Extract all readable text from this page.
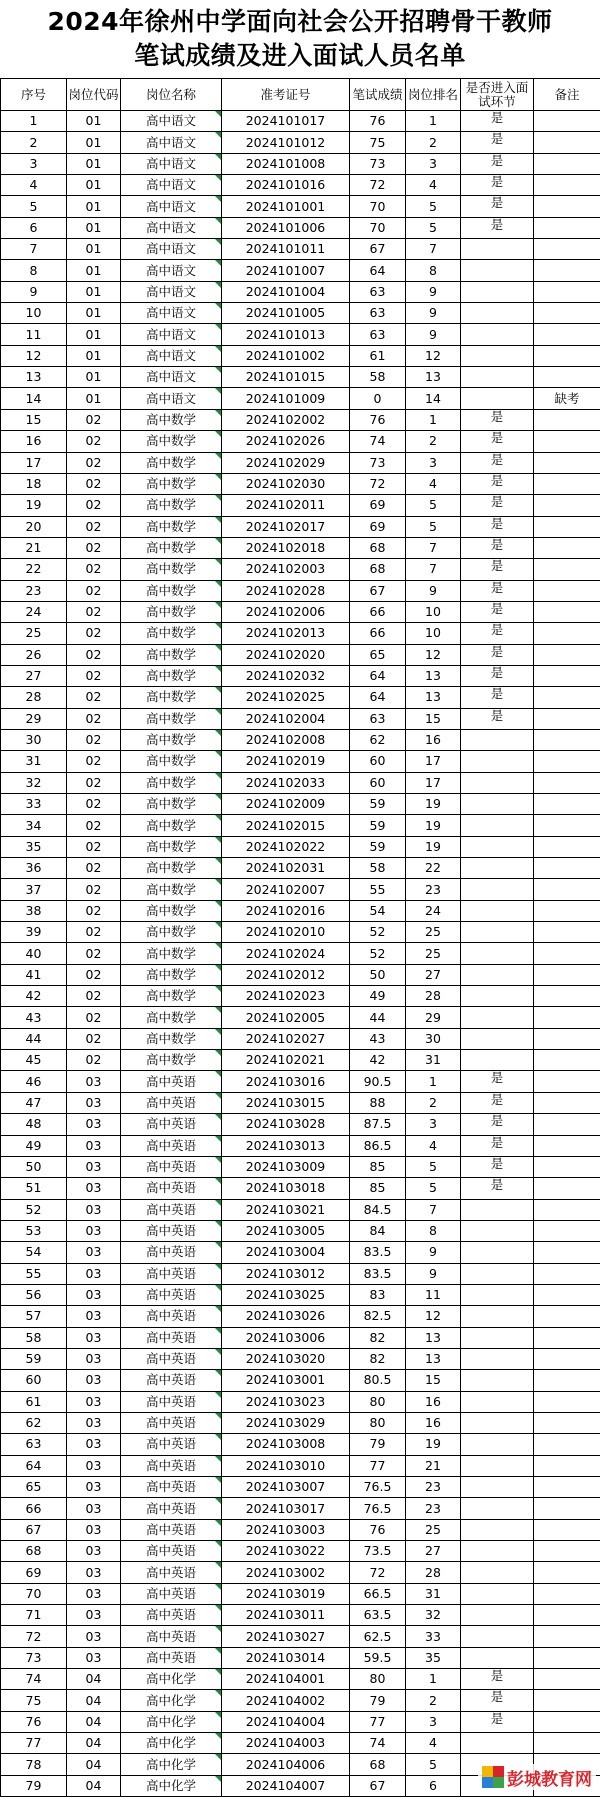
2024年徐州中学面向社会公开招聘骨干教师
笔试成绩及进入面试人员名单
序号	岗位代码	岗位名称	准考证号	笔试成绩	岗位排名	是否进入面试环节	备注
1	01	高中语文	2024101017	76	1	是	
2	01	高中语文	2024101012	75	2	是	
3	01	高中语文	2024101008	73	3	是	
4	01	高中语文	2024101016	72	4	是	
5	01	高中语文	2024101001	70	5	是	
6	01	高中语文	2024101006	70	5	是	
7	01	高中语文	2024101011	67	7		
8	01	高中语文	2024101007	64	8		
9	01	高中语文	2024101004	63	9		
10	01	高中语文	2024101005	63	9		
11	01	高中语文	2024101013	63	9		
12	01	高中语文	2024101002	61	12		
13	01	高中语文	2024101015	58	13		
14	01	高中语文	2024101009	0	14		缺考
15	02	高中数学	2024102002	76	1	是	
16	02	高中数学	2024102026	74	2	是	
17	02	高中数学	2024102029	73	3	是	
18	02	高中数学	2024102030	72	4	是	
19	02	高中数学	2024102011	69	5	是	
20	02	高中数学	2024102017	69	5	是	
21	02	高中数学	2024102018	68	7	是	
22	02	高中数学	2024102003	68	7	是	
23	02	高中数学	2024102028	67	9	是	
24	02	高中数学	2024102006	66	10	是	
25	02	高中数学	2024102013	66	10	是	
26	02	高中数学	2024102020	65	12	是	
27	02	高中数学	2024102032	64	13	是	
28	02	高中数学	2024102025	64	13	是	
29	02	高中数学	2024102004	63	15	是	
30	02	高中数学	2024102008	62	16		
31	02	高中数学	2024102019	60	17		
32	02	高中数学	2024102033	60	17		
33	02	高中数学	2024102009	59	19		
34	02	高中数学	2024102015	59	19		
35	02	高中数学	2024102022	59	19		
36	02	高中数学	2024102031	58	22		
37	02	高中数学	2024102007	55	23		
38	02	高中数学	2024102016	54	24		
39	02	高中数学	2024102010	52	25		
40	02	高中数学	2024102024	52	25		
41	02	高中数学	2024102012	50	27		
42	02	高中数学	2024102023	49	28		
43	02	高中数学	2024102005	44	29		
44	02	高中数学	2024102027	43	30		
45	02	高中数学	2024102021	42	31		
46	03	高中英语	2024103016	90.5	1	是	
47	03	高中英语	2024103015	88	2	是	
48	03	高中英语	2024103028	87.5	3	是	
49	03	高中英语	2024103013	86.5	4	是	
50	03	高中英语	2024103009	85	5	是	
51	03	高中英语	2024103018	85	5	是	
52	03	高中英语	2024103021	84.5	7		
53	03	高中英语	2024103005	84	8		
54	03	高中英语	2024103004	83.5	9		
55	03	高中英语	2024103012	83.5	9		
56	03	高中英语	2024103025	83	11		
57	03	高中英语	2024103026	82.5	12		
58	03	高中英语	2024103006	82	13		
59	03	高中英语	2024103020	82	13		
60	03	高中英语	2024103001	80.5	15		
61	03	高中英语	2024103023	80	16		
62	03	高中英语	2024103029	80	16		
63	03	高中英语	2024103008	79	19		
64	03	高中英语	2024103010	77	21		
65	03	高中英语	2024103007	76.5	23		
66	03	高中英语	2024103017	76.5	23		
67	03	高中英语	2024103003	76	25		
68	03	高中英语	2024103022	73.5	27		
69	03	高中英语	2024103002	72	28		
70	03	高中英语	2024103019	66.5	31		
71	03	高中英语	2024103011	63.5	32		
72	03	高中英语	2024103027	62.5	33		
73	03	高中英语	2024103014	59.5	35		
74	04	高中化学	2024104001	80	1	是	
75	04	高中化学	2024104002	79	2	是	
76	04	高中化学	2024104004	77	3	是	
77	04	高中化学	2024104003	74	4		
78	04	高中化学	2024104006	68	5		
79	04	高中化学	2024104007	67	6			彭城教育网
